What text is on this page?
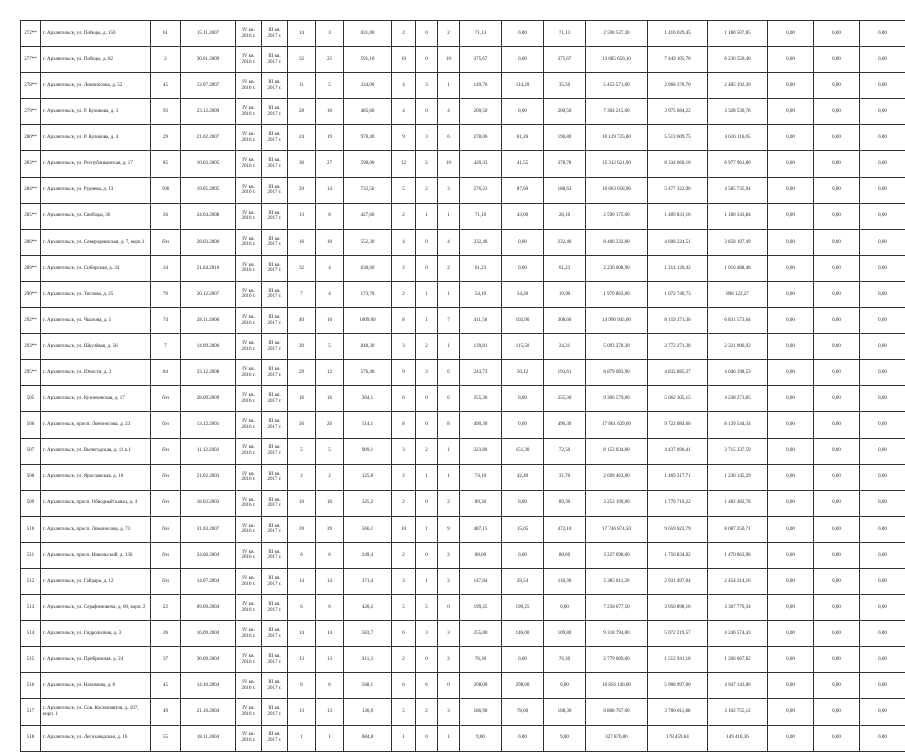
272**	г. Архангельск, ул. Победы, д. 150	61	15.11.2007	IV кв. 2016 г.	III кв. 2017 г.	14	3	631,00	2	0	2	71,13	0,00	71,13	2 590 537,30	1 410 029,45	1 180 507,85	0,00	0,00	0,00
277**	г. Архангельск, ул. Победы, д. 82	2	30.01.2009	IV кв. 2016 г.	III кв. 2017 г.	32	25	591,10	10	0	10	375,67	0,00	375,67	13 685 656,10	7 449 105,70	6 236 550,40	0,00	0,00	0,00
278**	г. Архангельск, ул. Ломоносова, д. 52	45	12.07.2007	IV кв. 2016 г.	III кв. 2017 г.	11	5	334,00	4	3	1	149,70	114,20	35,50	5 453 571,00	2 968 378,70	2 485 192,30	0,00	0,00	0,00
279**	г. Архангельск, ул. Р. Куликова, д. 3	93	23.12.2009	IV кв. 2016 г.	III кв. 2017 г.	28	10	485,60	4	0	4	200,50	0,00	200,50	7 304 215,00	3 975 684,22	3 328 530,78	0,00	0,00	0,00
280**	г. Архангельск, ул. Р. Куликова, д. 4	29	21.02.2007	IV кв. 2016 г.	III кв. 2017 г.	24	19	970,40	9	3	6	278,06	81,26	196,80	10 129 725,80	5 513 609,75	4 616 116,05	0,00	0,00	0,00
283**	г. Архангельск, ул. Республиканская, д. 17	85	10.03.2005	IV кв. 2016 г.	III кв. 2017 г.	30	27	590,00	12	2	10	420,33	41,55	378,78	15 312 621,90	8 334 660,10	6 977 961,80	0,00	0,00	0,00
284**	г. Архангельск, ул. Руднева, д. 13	106	19.05.2005	IV кв. 2016 г.	III кв. 2017 г.	20	14	732,50	5	2	3	276,23	87,60	188,63	10 063 058,90	5 477 322,96	4 585 735,94	0,00	0,00	0,00
285**	г. Архангельск, ул. Свободы, 36	26	24.04.2008	IV кв. 2016 г.	III кв. 2017 г.	13	8	427,60	2	1	1	71,10	43,00	28,10	2 590 175,00	1 409 831,16	1 180 343,84	0,00	0,00	0,00
286**	г. Архангельск, ул. Северодвинская, д. 7, корп.1	б/н	28.03.2000	IV кв. 2016 г.	III кв. 2017 г.	16	10	552,30	4	0	4	232,40	0,00	232,40	8 466 332,00	4 608 224,51	3 858 107,49	0,00	0,00	0,00
289**	г. Архангельск, ул. Сибирская, д. 34	34	21.04.2010	IV кв. 2016 г.	III кв. 2017 г.	32	4	638,60	2	0	2	61,23	0,00	61,23	2 230 608,90	1 214 120,42	1 016 488,48	0,00	0,00	0,00
290**	г. Архангельск, ул. Тиглова, д. 25	70	20.12.2007	IV кв. 2016 г.	III кв. 2017 г.	7	4	173,70	2	1	1	54,10	34,20	19,90	1 970 863,00	1 072 740,73	898 122,27	0,00	0,00	0,00
292**	г. Архангельск, ул. Чкалова, д. 5	74	28.11.2008	IV кв. 2016 г.	III кв. 2017 г.	40	16	1009,60	8	1	7	411,50	102,90	308,60	14 990 945,00	8 159 371,36	6 831 573,64	0,00	0,00	0,00
293**	г. Архангельск, ул. Шкулёвая, д. 56	7	14.09.2006	IV кв. 2016 г.	III кв. 2017 г.	20	5	848,30	3	2	1	139,81	115,50	24,31	5 093 278,30	2 772 271,38	2 321 006,92	0,00	0,00	0,00
295**	г. Архангельск, ул. Юности, д. 2	84	23.12.2008	IV кв. 2016 г.	III кв. 2017 г.	29	12	576,40	9	3	6	243,73	50,12	193,61	8 879 083,90	4 832 885,37	4 046 198,53	0,00	0,00	0,00
505	г. Архангельск, ул. Кузнечевская, д. 17	б/н	28.09.2009	IV кв. 2016 г.	III кв. 2017 г.	16	16	304,1	6	0	6	255,30	0,00	255,30	9 300 579,00	5 062 305,15	4 238 273,85	0,00	0,00	0,00
506	г. Архангельск, просп. Ломоносова, д. 23	б/н	13.12.2001	IV кв. 2016 г.	III кв. 2017 г.	26	26	514,1	8	0	8	490,30	0,00	490,30	17 861 629,00	9 722 084,66	8 139 544,34	0,00	0,00	0,00
507	г. Архангельск, ул. Вычегодская, д. 11 к.1	б/н	11.12.2002	IV кв. 2016 г.	III кв. 2017 г.	5	5	909,1	3	2	1	223,80	151,30	72,50	8 153 034,00	4 437 696,41	3 715 337,59	0,00	0,00	0,00
508	г. Архангельск, ул. Ярославская, д. 10	б/н	21.02.2003	IV кв. 2016 г.	III кв. 2017 г.	2	2	125,8	2	1	1	74,10	42,40	31,70	2 699 463,00	1 469 317,71	1 230 145,29	0,00	0,00	0,00
509	г. Архангельск, просп. Обводный канал, д. 4	б/н	18.03.2003	IV кв. 2016 г.	III кв. 2017 г.	10	10	325,2	2	0	2	89,30	0,00	89,30	3 253 199,00	1 770 716,22	1 482 482,78	0,00	0,00	0,00
510	г. Архангельск, просп. Ломоносова, д. 73	б/н	31.03.2007	IV кв. 2016 г.	III кв. 2017 г.	39	39	566,1	10	1	9	487,15	15,05	472,10	17 746 874,50	9 659 623,79	8 087 250,71	0,00	0,00	0,00
511	г. Архангельск, просп. Никольский, д. 136	б/н	24.06.2004	IV кв. 2016 г.	III кв. 2017 г.	6	6	249,4	2	0	2	88,60	0,00	88,60	3 227 698,00	1 756 834,02	1 470 863,98	0,00	0,00	0,00
512	г. Архангельск, ул. Гайдара, д. 12	б/н	14.07.2004	IV кв. 2016 г.	III кв. 2017 г.	14	14	371,4	3	1	2	147,84	29,54	118,30	5 385 811,20	2 931 497,04	2 454 314,16	0,00	0,00	0,00
513	г. Архангельск, ул. Серафимовича, д. 60, корп. 2	22	09.09.2004	IV кв. 2016 г.	III кв. 2017 г.	6	6	420,2	5	5	0	199,25	199,25	0,00	7 258 677,50	3 950 898,16	3 307 779,34	0,00	0,00	0,00
514	г. Архангельск, ул. Гидролизная, д. 3	26	16.09.2004	IV кв. 2016 г.	III кв. 2017 г.	14	14	583,7	6	3	3	255,80	146,00	109,80	9 318 794,00	5 072 219,57	4 246 574,43	0,00	0,00	0,00
515	г. Архангельск, ул. Прибрежная, д. 24	37	30.09.2004	IV кв. 2016 г.	III кв. 2017 г.	13	13	411,3	2	0	2	76,30	0,00	76,30	2 779 609,00	1 512 941,18	1 266 667,82	0,00	0,00	0,00
516	г. Архангельск, ул. Нахимова, д. 8	45	14.10.2004	IV кв. 2016 г.	III кв. 2017 г.	8	8	568,1	6	6	0	298,00	298,00	0,00	10 856 140,00	5 908 997,00	4 947 143,00	0,00	0,00	0,00
517	г. Архангельск, ул. Сов. Космонавтов, д. 107, корп. 1	49	21.10.2004	IV кв. 2016 г.	III кв. 2017 г.	13	13	136,9	5	2	3	186,90	78,60	108,30	6 808 767,00	3 706 011,88	3 102 755,12	0,00	0,00	0,00
518	г. Архангельск, ул. Лесозаводская, д. 16	55	18.11.2004	IV кв. 2016 г.	III кв. 2017 г.	1	1	684,8	1	0	1	9,00	0,00	9,00	327 870,00	178 459,64	149 410,36	0,00	0,00	0,00
